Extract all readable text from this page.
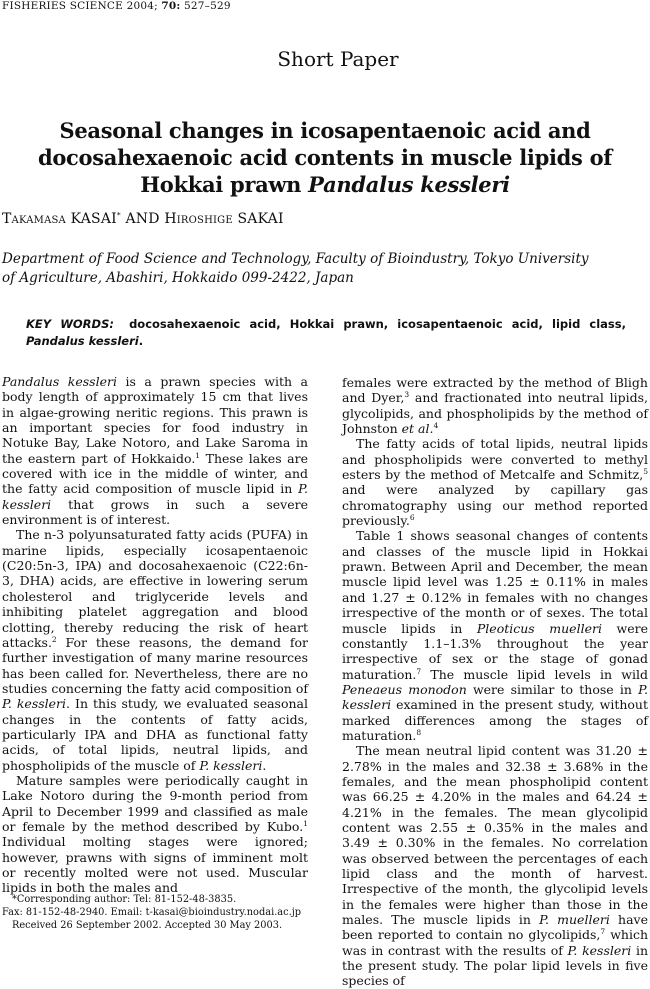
FISHERIES SCIENCE 2004; 70: 527–529
Short Paper
Seasonal changes in icosapentaenoic acid and
docosahexaenoic acid contents in muscle lipids of
Hokkai prawn Pandalus kessleri
Takamasa KASAI* AND Hiroshige SAKAI
Department of Food Science and Technology, Faculty of Bioindustry, Tokyo University of Agriculture, Abashiri, Hokkaido 099-2422, Japan
KEY WORDS: docosahexaenoic acid, Hokkai prawn, icosapentaenoic acid, lipid class, Pandalus kessleri.

Pandalus kessleri is a prawn species with a body length of approximately 15 cm that lives in algae-growing neritic regions. This prawn is an important species for food industry in Notuke Bay, Lake Notoro, and Lake Saroma in the eastern part of Hokkaido.$^1$ These lakes are covered with ice in the middle of winter, and the fatty acid composition of muscle lipid in P. kessleri that grows in such a severe environment is of interest.

The n-3 polyunsaturated fatty acids (PUFA) in marine lipids, especially icosapentaenoic (C20:5n-3, IPA) and docosahexaenoic (C22:6n-3, DHA) acids, are effective in lowering serum cholesterol and triglyceride levels and inhibiting platelet aggregation and blood clotting, thereby reducing the risk of heart attacks.$^2$ For these reasons, the demand for further investigation of many marine resources has been called for. Nevertheless, there are no studies concerning the fatty acid composition of P. kessleri. In this study, we evaluated seasonal changes in the contents of fatty acids, particularly IPA and DHA as functional fatty acids, of total lipids, neutral lipids, and phospholipids of the muscle of P. kessleri.

Mature samples were periodically caught in Lake Notoro during the 9-month period from April to December 1999 and classified as male or female by the method described by Kubo.$^1$ Individual molting stages were ignored; however, prawns with signs of imminent molt or recently molted were not used. Muscular lipids in both the males and

females were extracted by the method of Bligh and Dyer,$^3$ and fractionated into neutral lipids, glycolipids, and phospholipids by the method of Johnston et al.$^4$

The fatty acids of total lipids, neutral lipids and phospholipids were converted to methyl esters by the method of Metcalfe and Schmitz,$^5$ and were analyzed by capillary gas chromatography using our method reported previously.$^6$

Table 1 shows seasonal changes of contents and classes of the muscle lipid in Hokkai prawn. Between April and December, the mean muscle lipid level was 1.25 ± 0.11% in males and 1.27 ± 0.12% in females with no changes irrespective of the month or of sexes. The total muscle lipids in Pleoticus muelleri were constantly 1.1–1.3% throughout the year irrespective of sex or the stage of gonad maturation.$^7$ The muscle lipid levels in wild Peneaeus monodon were similar to those in P. kessleri examined in the present study, without marked differences among the stages of maturation.$^8$

The mean neutral lipid content was 31.20 ± 2.78% in the males and 32.38 ± 3.68% in the females, and the mean phospholipid content was 66.25 ± 4.20% in the males and 64.24 ± 4.21% in the females. The mean glycolipid content was 2.55 ± 0.35% in the males and 3.49 ± 0.30% in the females. No correlation was observed between the percentages of each lipid class and the month of harvest. Irrespective of the month, the glycolipid levels in the females were higher than those in the males. The muscle lipids in P. muelleri have been reported to contain no glycolipids,$^7$ which was in contrast with the results of P. kessleri in the present study. The polar lipid levels in five species of

*Corresponding author: Tel: 81-152-48-3835.
Fax: 81-152-48-2940. Email: t-kasai@bioindustry.nodai.ac.jp
Received 26 September 2002. Accepted 30 May 2003.
